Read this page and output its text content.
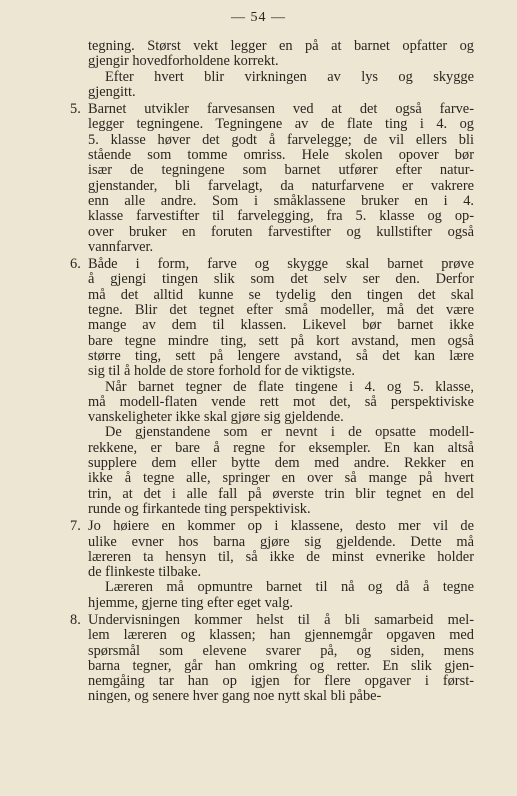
— 54 —
tegning. Størst vekt legger en på at barnet opfatter og
gjengir hovedforholdene korrekt.
Efter hvert blir virkningen av lys og skygge
gjengitt.
5. Barnet utvikler farvesansen ved at det også farve-
legger tegningene. Tegningene av de flate ting i 4. og
5. klasse høver det godt å farvelegge; de vil ellers bli
stående som tomme omriss. Hele skolen opover bør
især de tegningene som barnet utfører efter natur-
gjenstander, bli farvelagt, da naturfarvene er vakrere
enn alle andre. Som i småklassene bruker en i 4.
klasse farvestifter til farvelegging, fra 5. klasse og op-
over bruker en foruten farvestifter og kullstifter også
vannfarver.
6. Både i form, farve og skygge skal barnet prøve
å gjengi tingen slik som det selv ser den. Derfor
må det alltid kunne se tydelig den tingen det skal
tegne. Blir det tegnet efter små modeller, må det være
mange av dem til klassen. Likevel bør barnet ikke
bare tegne mindre ting, sett på kort avstand, men også
større ting, sett på lengere avstand, så det kan lære
sig til å holde de store forhold for de viktigste.
Når barnet tegner de flate tingene i 4. og 5. klasse,
må modell-flaten vende rett mot det, så perspektiviske
vanskeligheter ikke skal gjøre sig gjeldende.
De gjenstandene som er nevnt i de opsatte modell-
rekkene, er bare å regne for eksempler. En kan altså
supplere dem eller bytte dem med andre. Rekker en
ikke å tegne alle, springer en over så mange på hvert
trin, at det i alle fall på øverste trin blir tegnet en del
runde og firkantede ting perspektivisk.
7. Jo høiere en kommer op i klassene, desto mer vil de
ulike evner hos barna gjøre sig gjeldende. Dette må
læreren ta hensyn til, så ikke de minst evnerike holder
de flinkeste tilbake.
Læreren må opmuntre barnet til nå og då å tegne
hjemme, gjerne ting efter eget valg.
8. Undervisningen kommer helst til å bli samarbeid mel-
lem læreren og klassen; han gjennemgår opgaven med
spørsmål som elevene svarer på, og siden, mens
barna tegner, går han omkring og retter. En slik gjen-
nemgåing tar han op igjen for flere opgaver i først-
ningen, og senere hver gang noe nytt skal bli påbe-
